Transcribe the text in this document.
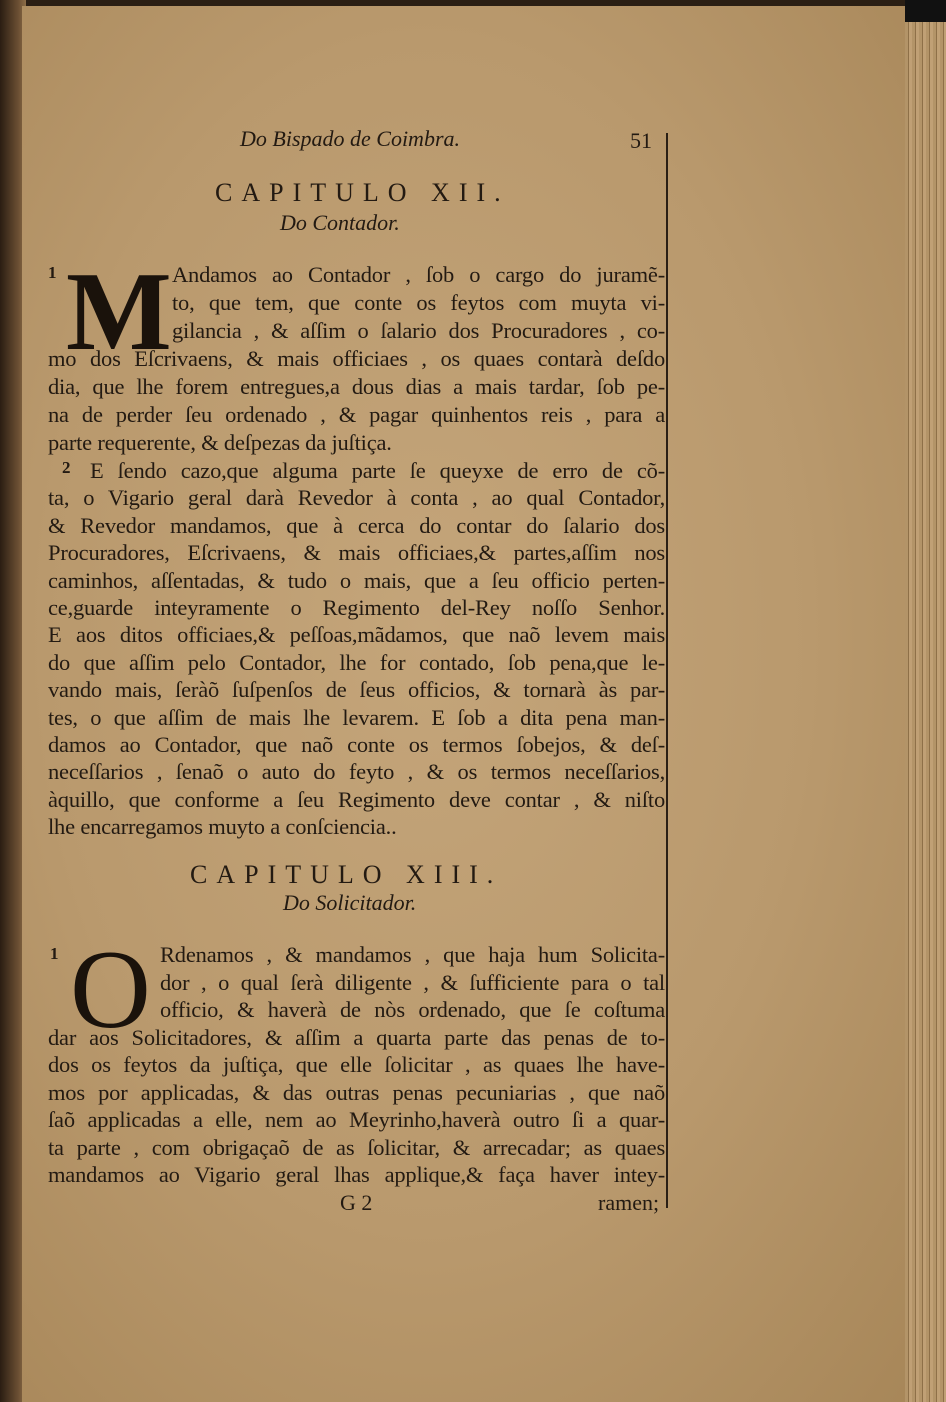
Do Bispado de Coimbra.	51
CAPITULO XII.
Do Contador.
1 M
2
CAPITULO XIII.
Do Solicitador.
1 O
G 2	ramen;
Andamos ao Contador , ſob o cargo do juramẽ-
to, que tem, que conte os feytos com muyta vi-
gilancia , & aſſim o ſalario dos Procuradores , co-
mo dos Eſcrivaens, & mais officiaes , os quaes contarà deſdo
dia, que lhe forem entregues,a dous dias a mais tardar, ſob pe-
na de perder ſeu ordenado , & pagar quinhentos reis , para a
parte requerente, & deſpezas da juſtiça.
E ſendo cazo,que alguma parte ſe queyxe de erro de cõ-
ta, o Vigario geral darà Revedor à conta , ao qual Contador,
& Revedor mandamos, que à cerca do contar do ſalario dos
Procuradores, Eſcrivaens, & mais officiaes,& partes,aſſim nos
caminhos, aſſentadas, & tudo o mais, que a ſeu officio perten-
ce,guarde inteyramente o Regimento del-Rey noſſo Senhor.
E aos ditos officiaes,& peſſoas,mãdamos, que naõ levem mais
do que aſſim pelo Contador, lhe for contado, ſob pena,que le-
vando mais, ſeràõ ſuſpenſos de ſeus officios, & tornarà às par-
tes, o que aſſim de mais lhe levarem. E ſob a dita pena man-
damos ao Contador, que naõ conte os termos ſobejos, & deſ-
neceſſarios , ſenaõ o auto do feyto , & os termos neceſſarios,
àquillo, que conforme a ſeu Regimento deve contar , & niſto
lhe encarregamos muyto a conſciencia..
Rdenamos , & mandamos , que haja hum Solicita-
dor , o qual ſerà diligente , & ſufficiente para o tal
officio, & haverà de nòs ordenado, que ſe coſtuma
dar aos Solicitadores, & aſſim a quarta parte das penas de to-
dos os feytos da juſtiça, que elle ſolicitar , as quaes lhe have-
mos por applicadas, & das outras penas pecuniarias , que naõ
ſaõ applicadas a elle, nem ao Meyrinho,haverà outro ſi a quar-
ta parte , com obrigaçaõ de as ſolicitar, & arrecadar; as quaes
mandamos ao Vigario geral lhas applique,& faça haver intey-
